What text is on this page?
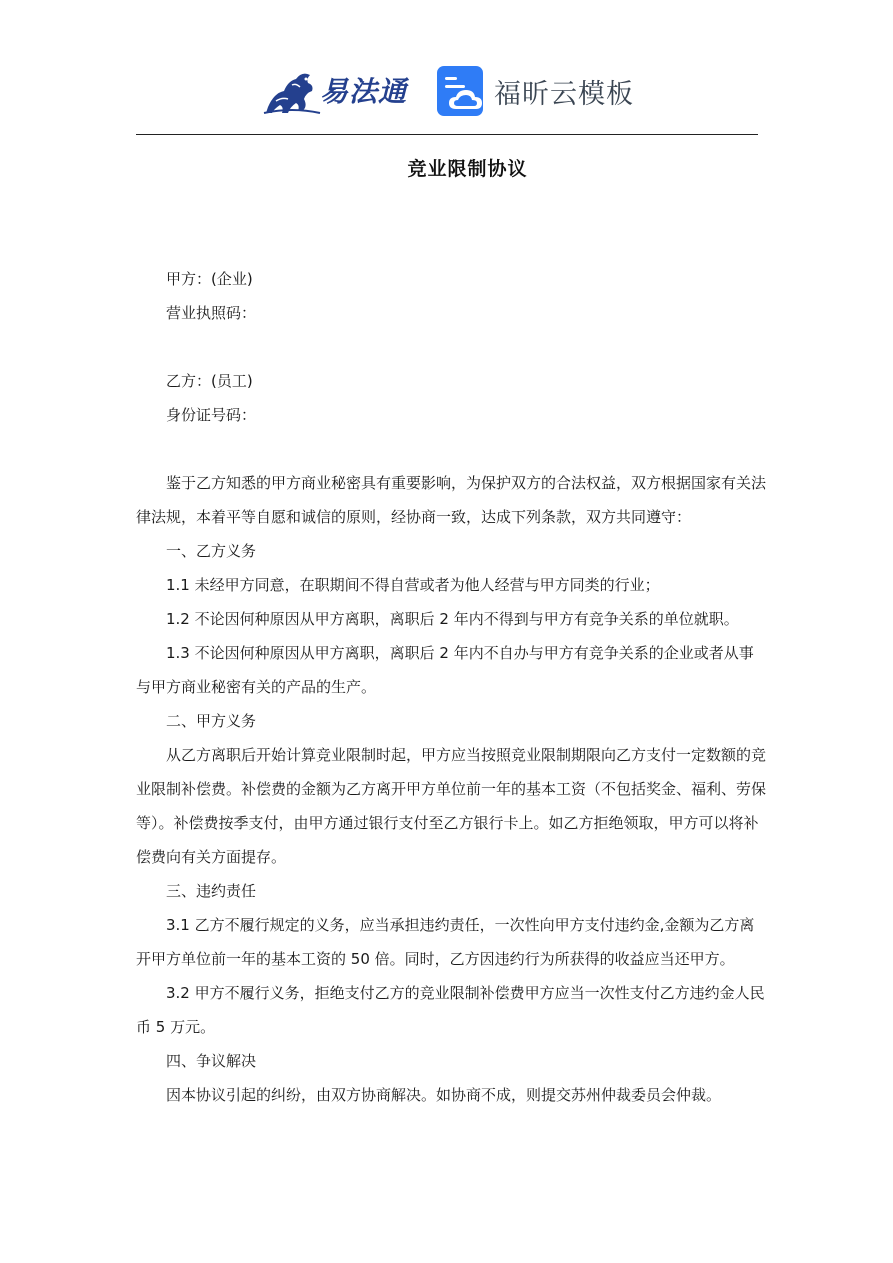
易法通	福昕云模板
竞业限制协议

甲方：(企业)

营业执照码：

乙方：(员工)

身份证号码：

鉴于乙方知悉的甲方商业秘密具有重要影响，为保护双方的合法权益，双方根据国家有关法律法规，本着平等自愿和诚信的原则，经协商一致，达成下列条款，双方共同遵守：

一、乙方义务

1.1 未经甲方同意，在职期间不得自营或者为他人经营与甲方同类的行业；

1.2 不论因何种原因从甲方离职，离职后 2 年内不得到与甲方有竞争关系的单位就职。

1.3 不论因何种原因从甲方离职，离职后 2 年内不自办与甲方有竞争关系的企业或者从事与甲方商业秘密有关的产品的生产。

二、甲方义务

从乙方离职后开始计算竞业限制时起，甲方应当按照竞业限制期限向乙方支付一定数额的竞业限制补偿费。补偿费的金额为乙方离开甲方单位前一年的基本工资（不包括奖金、福利、劳保等）。补偿费按季支付，由甲方通过银行支付至乙方银行卡上。如乙方拒绝领取，甲方可以将补偿费向有关方面提存。

三、违约责任

3.1 乙方不履行规定的义务，应当承担违约责任，一次性向甲方支付违约金,金额为乙方离开甲方单位前一年的基本工资的 50 倍。同时，乙方因违约行为所获得的收益应当还甲方。

3.2 甲方不履行义务，拒绝支付乙方的竞业限制补偿费甲方应当一次性支付乙方违约金人民币 5 万元。

四、争议解决

因本协议引起的纠纷，由双方协商解决。如协商不成，则提交苏州仲裁委员会仲裁。
